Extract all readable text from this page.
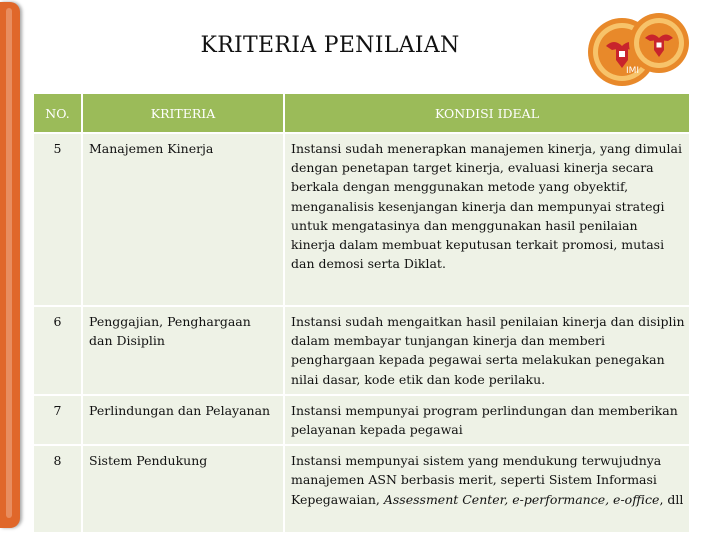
KRITERIA PENILAIAN
IMI
NO.	KRITERIA	KONDISI IDEAL
5	Manajemen Kinerja	Instansi sudah menerapkan manajemen kinerja, yang dimulai dengan penetapan target kinerja, evaluasi kinerja secara berkala dengan menggunakan metode yang obyektif, menganalisis kesenjangan kinerja dan mempunyai strategi untuk mengatasinya dan menggunakan hasil penilaian kinerja dalam membuat keputusan terkait promosi, mutasi dan demosi serta Diklat.
6	Penggajian, Penghargaan dan Disiplin	Instansi sudah mengaitkan hasil penilaian kinerja dan disiplin dalam membayar tunjangan kinerja dan memberi penghargaan kepada pegawai serta melakukan penegakan nilai dasar, kode etik dan kode perilaku.
7	Perlindungan dan Pelayanan	Instansi mempunyai program perlindungan dan memberikan pelayanan kepada pegawai
8	Sistem Pendukung	Instansi mempunyai sistem yang mendukung terwujudnya manajemen ASN berbasis merit, seperti Sistem Informasi Kepegawaian, Assessment Center, e-performance, e-office, dll
